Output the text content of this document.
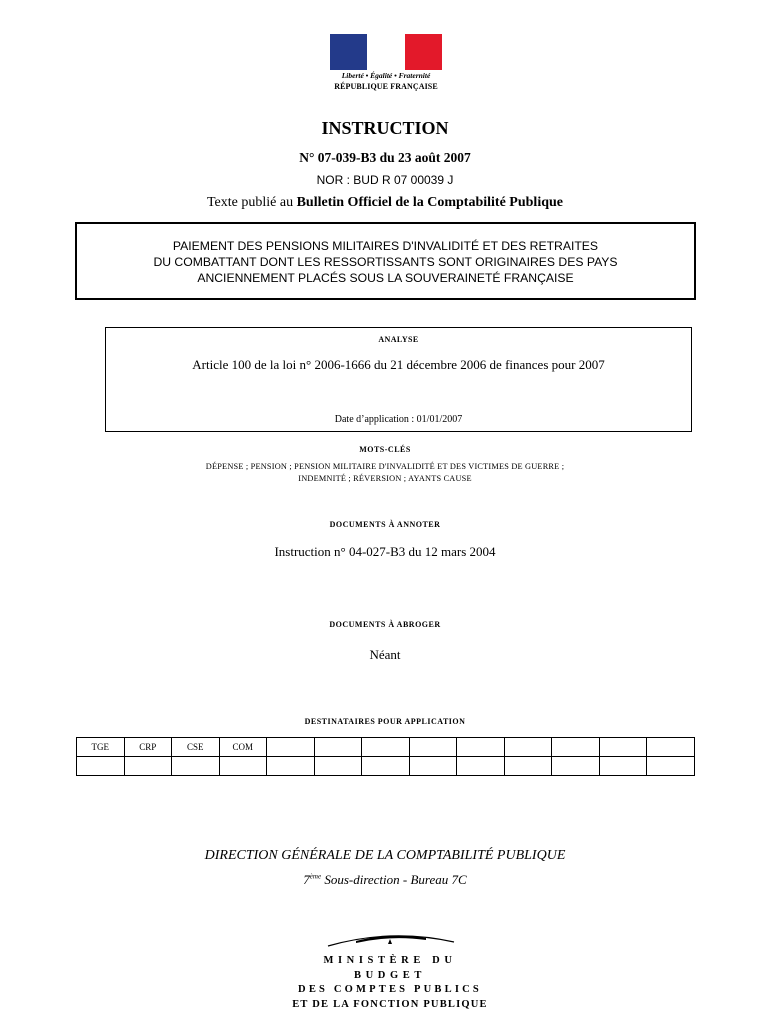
Liberté • Égalité • Fraternité
RÉPUBLIQUE FRANÇAISE
INSTRUCTION
N° 07-039-B3 du 23 août 2007
NOR : BUD R 07 00039 J
Texte publié au Bulletin Officiel de la Comptabilité Publique
PAIEMENT DES PENSIONS MILITAIRES D'INVALIDITÉ ET DES RETRAITES
DU COMBATTANT DONT LES RESSORTISSANTS SONT ORIGINAIRES DES PAYS
ANCIENNEMENT PLACÉS SOUS LA SOUVERAINETÉ FRANÇAISE
ANALYSE
Article 100 de la loi n° 2006-1666 du 21 décembre 2006 de finances pour 2007
Date d’application : 01/01/2007
MOTS-CLÉS
DÉPENSE ; PENSION ; PENSION MILITAIRE D'INVALIDITÉ ET DES VICTIMES DE GUERRE ;
INDEMNITÉ ; RÉVERSION ; AYANTS CAUSE
DOCUMENTS À ANNOTER
Instruction n° 04-027-B3 du 12 mars 2004
DOCUMENTS À ABROGER
Néant
DESTINATAIRES POUR APPLICATION
TGE	CRP	CSE	COM									

DIRECTION GÉNÉRALE DE LA COMPTABILITÉ PUBLIQUE
7ème Sous-direction - Bureau 7C
MINISTÈRE DU BUDGET
DES COMPTES PUBLICS
ET DE LA FONCTION PUBLIQUE
